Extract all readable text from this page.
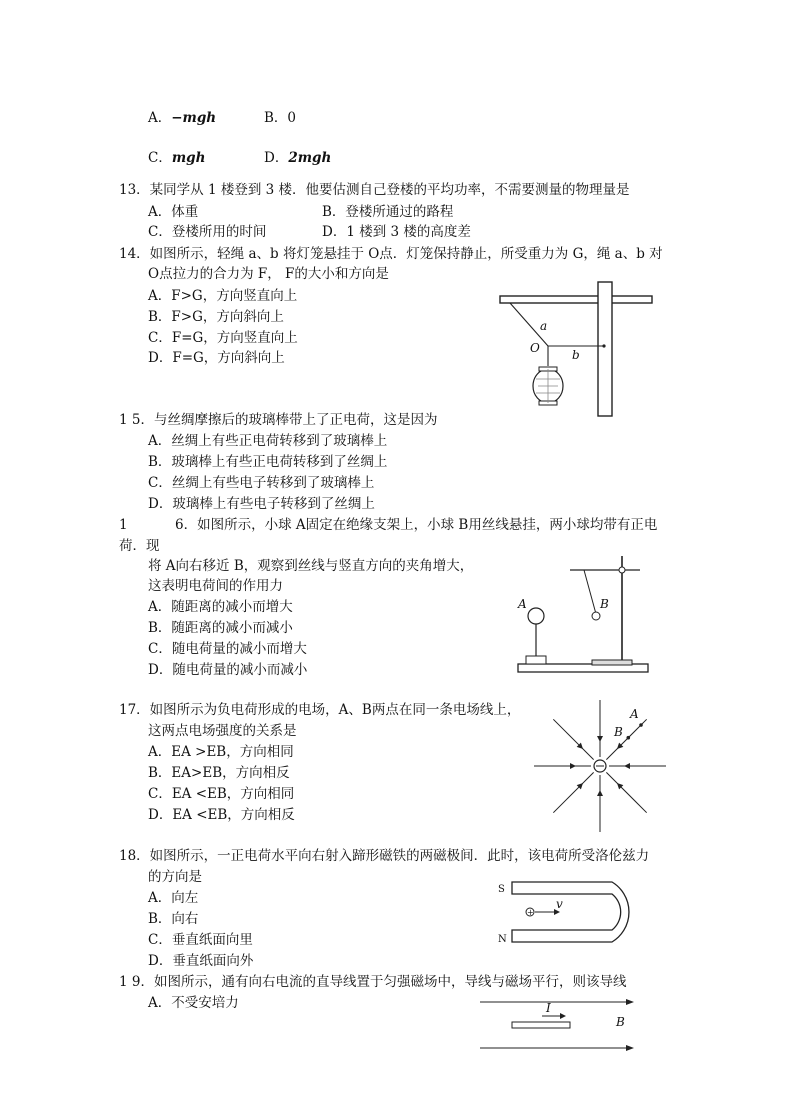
A．−mgh	B．0
C．mgh	D．2mgh
13．某同学从 1 楼登到 3 楼．他要估测自己登楼的平均功率，不需要测量的物理量是
A．体重	B．登楼所通过的路程
C．登楼所用的时间	D．1 楼到 3 楼的高度差
14．如图所示，轻绳 a、b 将灯笼悬挂于 O点．灯笼保持静止，所受重力为 G，绳 a、b 对
O点拉力的合力为 F， F的大小和方向是
A．F>G，方向竖直向上
B．F>G，方向斜向上
C．F=G，方向竖直向上
D．F=G，方向斜向上
a
O	b
1 5．与丝绸摩擦后的玻璃棒带上了正电荷，这是因为
A．丝绸上有些正电荷转移到了玻璃棒上
B．玻璃棒上有些正电荷转移到了丝绸上
C．丝绸上有些电子转移到了玻璃棒上
D．玻璃棒上有些电子转移到了丝绸上
1	6．如图所示，小球 A固定在绝缘支架上，小球 B用丝线悬挂，两小球均带有正电
荷．现
将 A向右移近 B，观察到丝线与竖直方向的夹角增大，
这表明电荷间的作用力
A．随距离的减小而增大
B．随距离的减小而减小
C．随电荷量的减小而增大
D．随电荷量的减小而减小
A	B
17．如图所示为负电荷形成的电场，A、B两点在同一条电场线上，
这两点电场强度的关系是
A．EA >EB，方向相同
B．EA>EB，方向相反
C．EA <EB，方向相同
D．EA <EB，方向相反
A
B
18．如图所示，一正电荷水平向右射入蹄形磁铁的两磁极间．此时，该电荷所受洛伦兹力
的方向是
A．向左
B．向右
C．垂直纸面向里
D．垂直纸面向外
S
N
+
v
1 9．如图所示，通有向右电流的直导线置于匀强磁场中，导线与磁场平行，则该导线
A．不受安培力	I
B
